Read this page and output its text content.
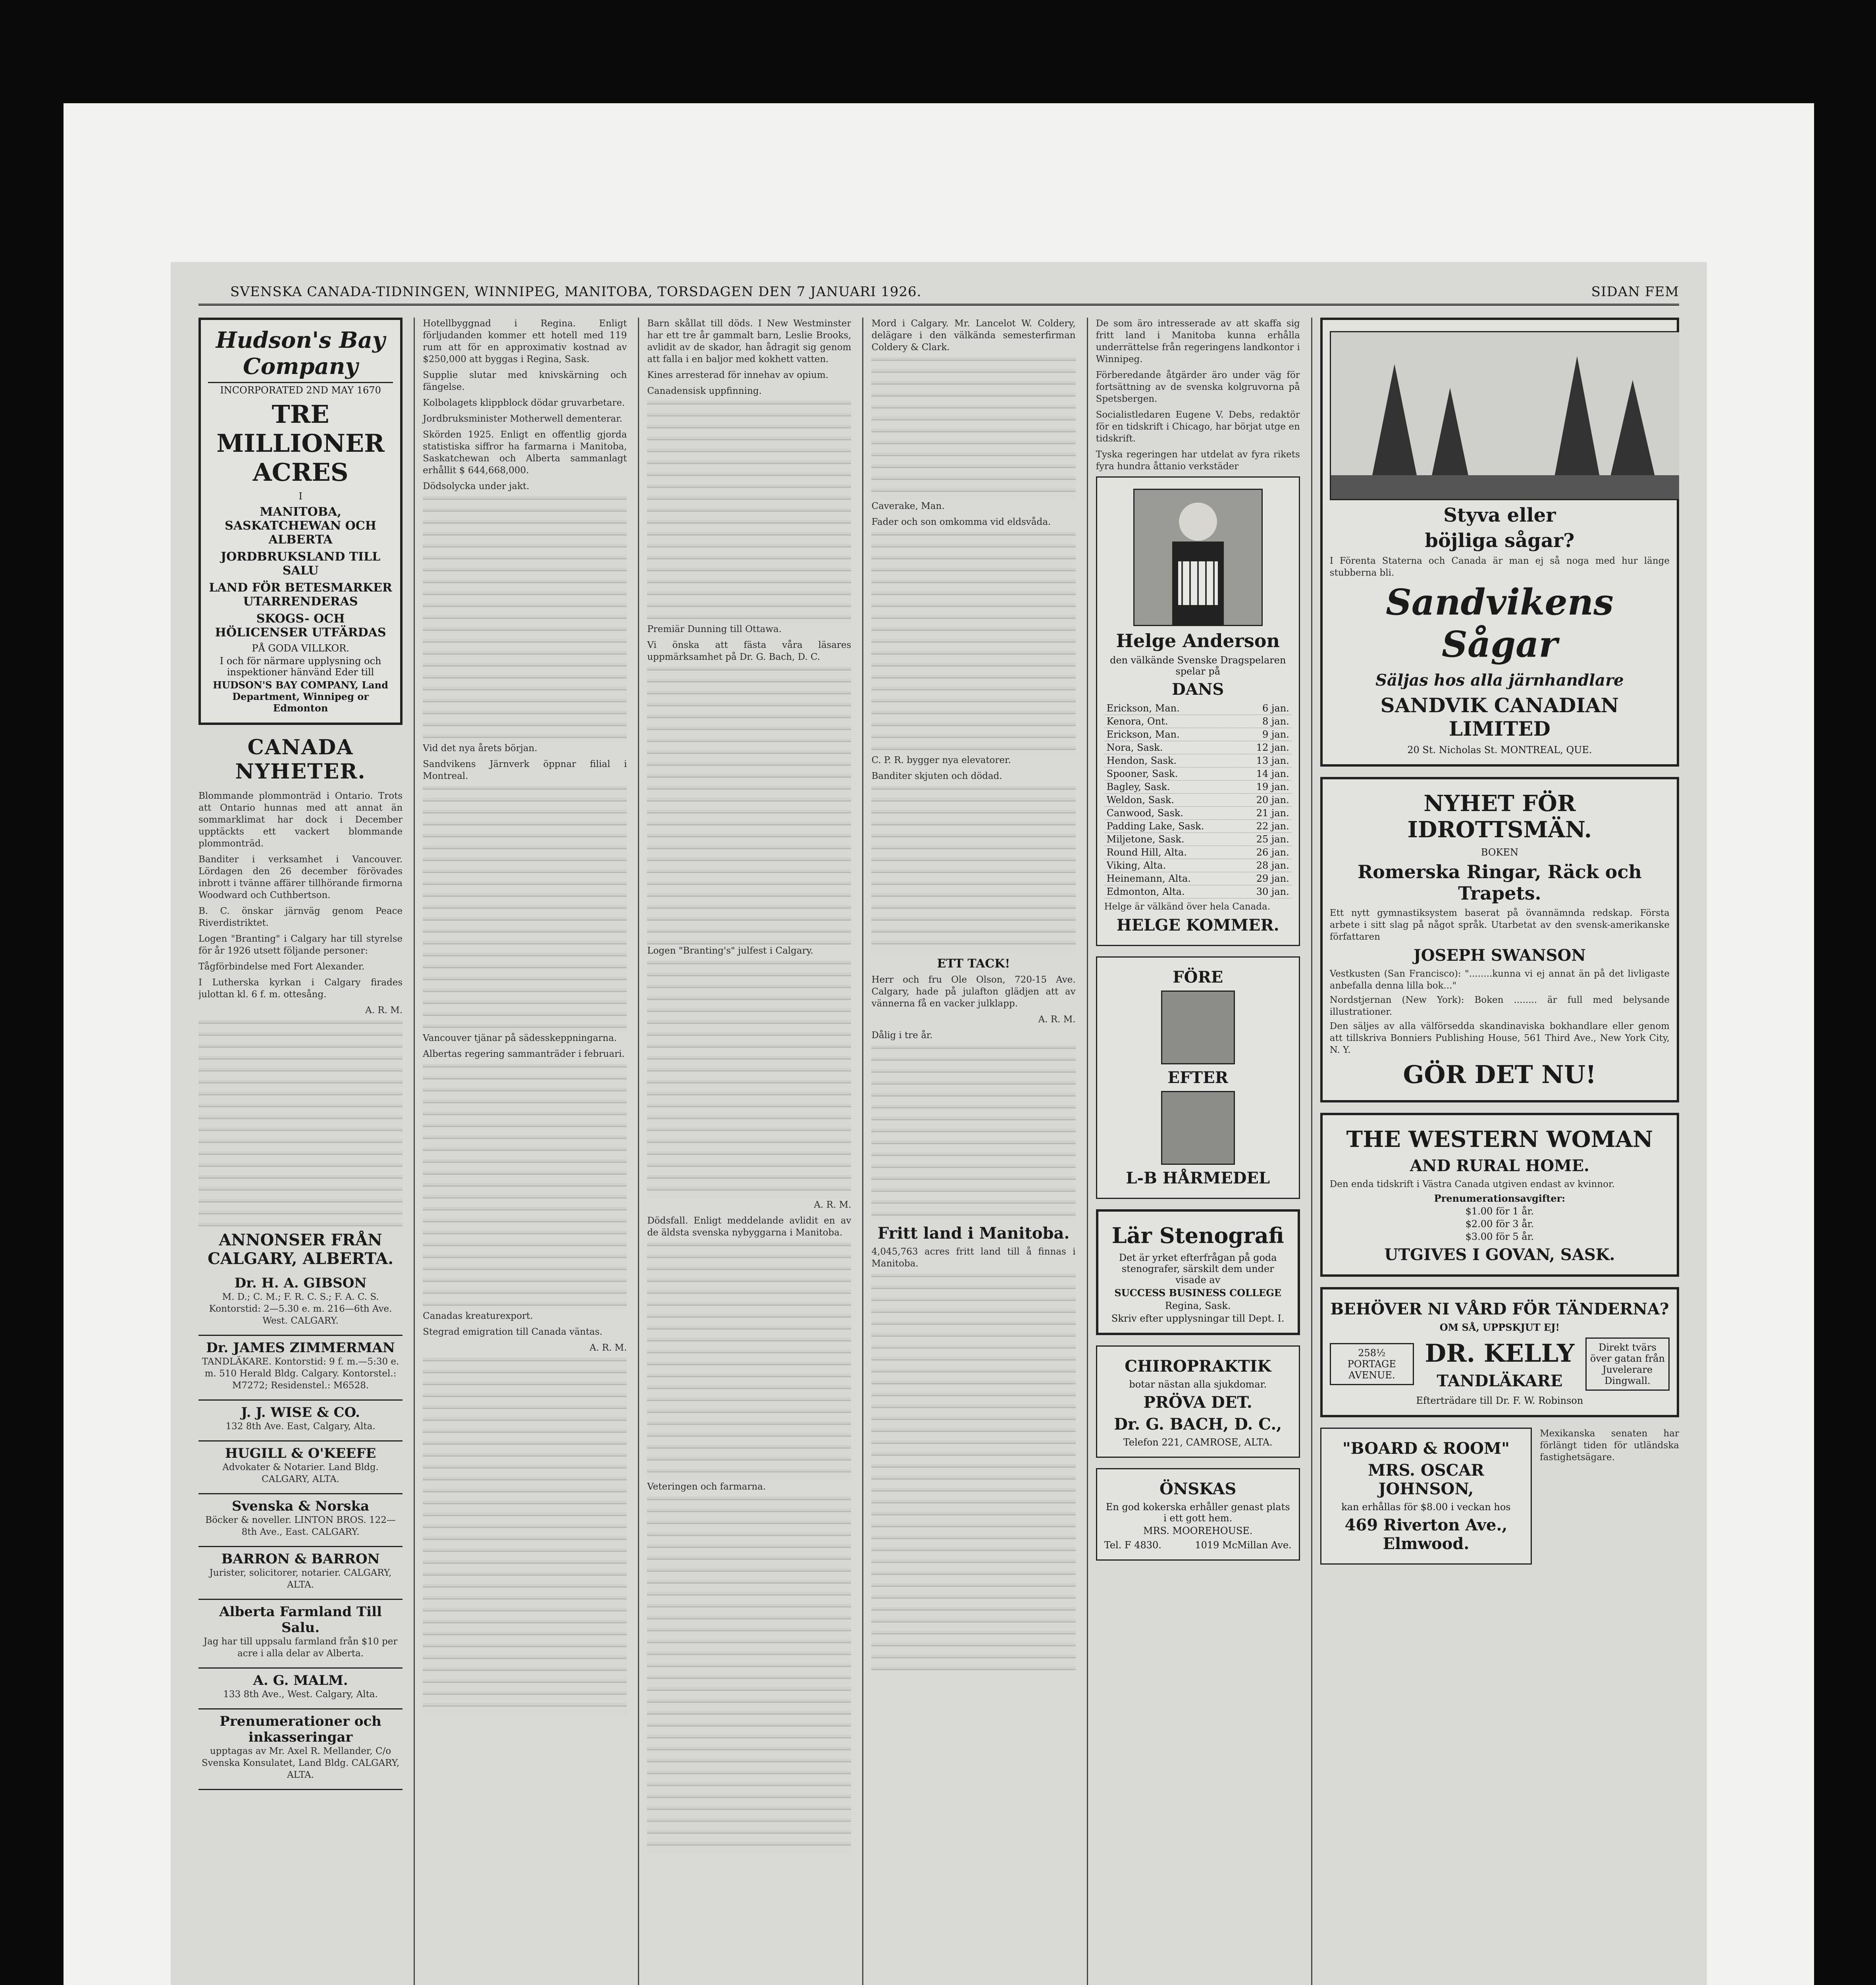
SVENSKA CANADA-TIDNINGEN, WINNIPEG, MANITOBA, TORSDAGEN DEN 7 JANUARI 1926.	SIDAN FEM
Hudson's Bay Company
INCORPORATED 2ND MAY 1670
TRE MILLIONER ACRES
I
MANITOBA, SASKATCHEWAN OCH ALBERTA
JORDBRUKSLAND TILL SALU
LAND FÖR BETESMARKER UTARRENDERAS
SKOGS- OCH HÖLICENSER UTFÄRDAS
PÅ GODA VILLKOR.
I och för närmare upplysning och inspektioner hänvänd Eder till
HUDSON'S BAY COMPANY, Land Department, Winnipeg or Edmonton
CANADA NYHETER.

Blommande plommonträd i Ontario. Trots att Ontario hunnas med att annat än sommarklimat har dock i December upptäckts ett vackert blommande plommonträd.

Banditer i verksamhet i Vancouver. Lördagen den 26 december förövades inbrott i tvänne affärer tillhörande firmorna Woodward och Cuthbertson.

B. C. önskar järnväg genom Peace Riverdistriktet.

Logen "Branting" i Calgary har till styrelse för år 1926 utsett följande personer:

Tågförbindelse med Fort Alexander.

I Lutherska kyrkan i Calgary firades julottan kl. 6 f. m. ottesång.

A. R. M.

ANNONSER FRÅN CALGARY, ALBERTA.
Dr. H. A. GIBSON

M. D.; C. M.; F. R. C. S.; F. A. C. S. Kontorstid: 2—5.30 e. m. 216—6th Ave. West. CALGARY.

Dr. JAMES ZIMMERMAN

TANDLÄKARE. Kontorstid: 9 f. m.—5:30 e. m. 510 Herald Bldg. Calgary. Kontorstel.: M7272; Residenstel.: M6528.

J. J. WISE & CO.

132 8th Ave. East, Calgary, Alta.

HUGILL & O'KEEFE

Advokater & Notarier. Land Bldg. CALGARY, ALTA.

Svenska & Norska

Böcker & noveller. LINTON BROS. 122—8th Ave., East. CALGARY.

BARRON & BARRON

Jurister, solicitorer, notarier. CALGARY, ALTA.

Alberta Farmland Till Salu.

Jag har till uppsalu farmland från $10 per acre i alla delar av Alberta.

A. G. MALM.

133 8th Ave., West. Calgary, Alta.

Prenumerationer och inkasseringar

upptagas av Mr. Axel R. Mellander, C/o Svenska Konsulatet, Land Bldg. CALGARY, ALTA.

Hotellbyggnad i Regina. Enligt förljudanden kommer ett hotell med 119 rum att för en approximativ kostnad av $250,000 att byggas i Regina, Sask.

Supplie slutar med knivskärning och fängelse.

Kolbolagets klippblock dödar gruvarbetare.

Jordbruksminister Motherwell dementerar.

Skörden 1925. Enligt en offentlig gjorda statistiska siffror ha farmarna i Manitoba, Saskatchewan och Alberta sammanlagt erhållit $ 644,668,000.

Dödsolycka under jakt.

Vid det nya årets början.

Sandvikens Järnverk öppnar filial i Montreal.

Vancouver tjänar på sädesskeppningarna.

Albertas regering sammanträder i februari.

Canadas kreaturexport.

Stegrad emigration till Canada väntas.

A. R. M.

Barn skållat till döds. I New Westminster har ett tre år gammalt barn, Leslie Brooks, avlidit av de skador, han ådragit sig genom att falla i en baljor med kokhett vatten.

Kines arresterad för innehav av opium.

Canadensisk uppfinning.

Premiär Dunning till Ottawa.

Vi önska att fästa våra läsares uppmärksamhet på Dr. G. Bach, D. C.

Logen "Branting's" julfest i Calgary.

A. R. M.

Dödsfall. Enligt meddelande avlidit en av de äldsta svenska nybyggarna i Manitoba.

Veteringen och farmarna.

Mord i Calgary. Mr. Lancelot W. Coldery, delägare i den välkända semesterfirman Coldery & Clark.

Caverake, Man.

Fader och son omkomma vid eldsvåda.

C. P. R. bygger nya elevatorer.

Banditer skjuten och dödad.

ETT TACK!

Herr och fru Ole Olson, 720-15 Ave. Calgary, hade på julafton glädjen att av vännerna få en vacker julklapp.

A. R. M.

Dålig i tre år.

Fritt land i Manitoba.

4,045,763 acres fritt land till å finnas i Manitoba.

De som äro intresserade av att skaffa sig fritt land i Manitoba kunna erhålla underrättelse från regeringens landkontor i Winnipeg.

Förberedande åtgärder äro under väg för fortsättning av de svenska kolgruvorna på Spetsbergen.

Socialistledaren Eugene V. Debs, redaktör för en tidskrift i Chicago, har börjat utge en tidskrift.

Tyska regeringen har utdelat av fyra rikets fyra hundra åttanio verkstäder

Helge Anderson
den välkände Svenske Dragspelaren spelar på
DANS
Erickson, Man.	6 jan.
Kenora, Ont.	8 jan.
Erickson, Man.	9 jan.
Nora, Sask.	12 jan.
Hendon, Sask.	13 jan.
Spooner, Sask.	14 jan.
Bagley, Sask.	19 jan.
Weldon, Sask.	20 jan.
Canwood, Sask.	21 jan.
Padding Lake, Sask.	22 jan.
Miljetone, Sask.	25 jan.
Round Hill, Alta.	26 jan.
Viking, Alta.	28 jan.
Heinemann, Alta.	29 jan.
Edmonton, Alta.	30 jan.

Helge är välkänd över hela Canada.

HELGE KOMMER.
FÖRE
EFTER
L-B HÅRMEDEL
Lär Stenografi
Det är yrket efterfrågan på goda stenografer, särskilt dem under visade av
SUCCESS BUSINESS COLLEGE
Regina, Sask.
Skriv efter upplysningar till Dept. I.
CHIROPRAKTIK
botar nästan alla sjukdomar.
PRÖVA DET.
Dr. G. BACH, D. C.,
Telefon 221, CAMROSE, ALTA.
ÖNSKAS
En god kokerska erhåller genast plats i ett gott hem.
MRS. MOOREHOUSE.
Tel. F 4830.	1019 McMillan Ave.
Styva eller
böjliga sågar?

I Förenta Staterna och Canada är man ej så noga med hur länge stubberna bli.

Sandvikens Sågar
Säljas hos alla järnhandlare
SANDVIK CANADIAN LIMITED
20 St. Nicholas St. MONTREAL, QUE.
NYHET FÖR IDROTTSMÄN.
BOKEN
Romerska Ringar, Räck och Trapets.

Ett nytt gymnastiksystem baserat på övannämnda redskap. Första arbete i sitt slag på något språk. Utarbetat av den svensk-amerikanske författaren

JOSEPH SWANSON

Vestkusten (San Francisco): "........kunna vi ej annat än på det livligaste anbefalla denna lilla bok..."

Nordstjernan (New York): Boken ........ är full med belysande illustrationer.

Den säljes av alla välförsedda skandinaviska bokhandlare eller genom att tillskriva Bonniers Publishing House, 561 Third Ave., New York City, N. Y.

GÖR DET NU!
THE WESTERN WOMAN
AND RURAL HOME.

Den enda tidskrift i Västra Canada utgiven endast av kvinnor.

Prenumerationsavgifter:
$1.00 för 1 år.
$2.00 för 3 år.
$3.00 för 5 år.
UTGIVES I GOVAN, SASK.
BEHÖVER NI VÅRD FÖR TÄNDERNA?
OM SÅ, UPPSKJUT EJ!
258½ PORTAGE AVENUE.
DR. KELLY
TANDLÄKARE
Direkt tvärs över gatan från Juvelerare Dingwall.
Efterträdare till Dr. F. W. Robinson
"BOARD & ROOM"
MRS. OSCAR JOHNSON,
kan erhållas för $8.00 i veckan hos
469 Riverton Ave., Elmwood.

Mexikanska senaten har förlängt tiden för utländska fastighetsägare.
